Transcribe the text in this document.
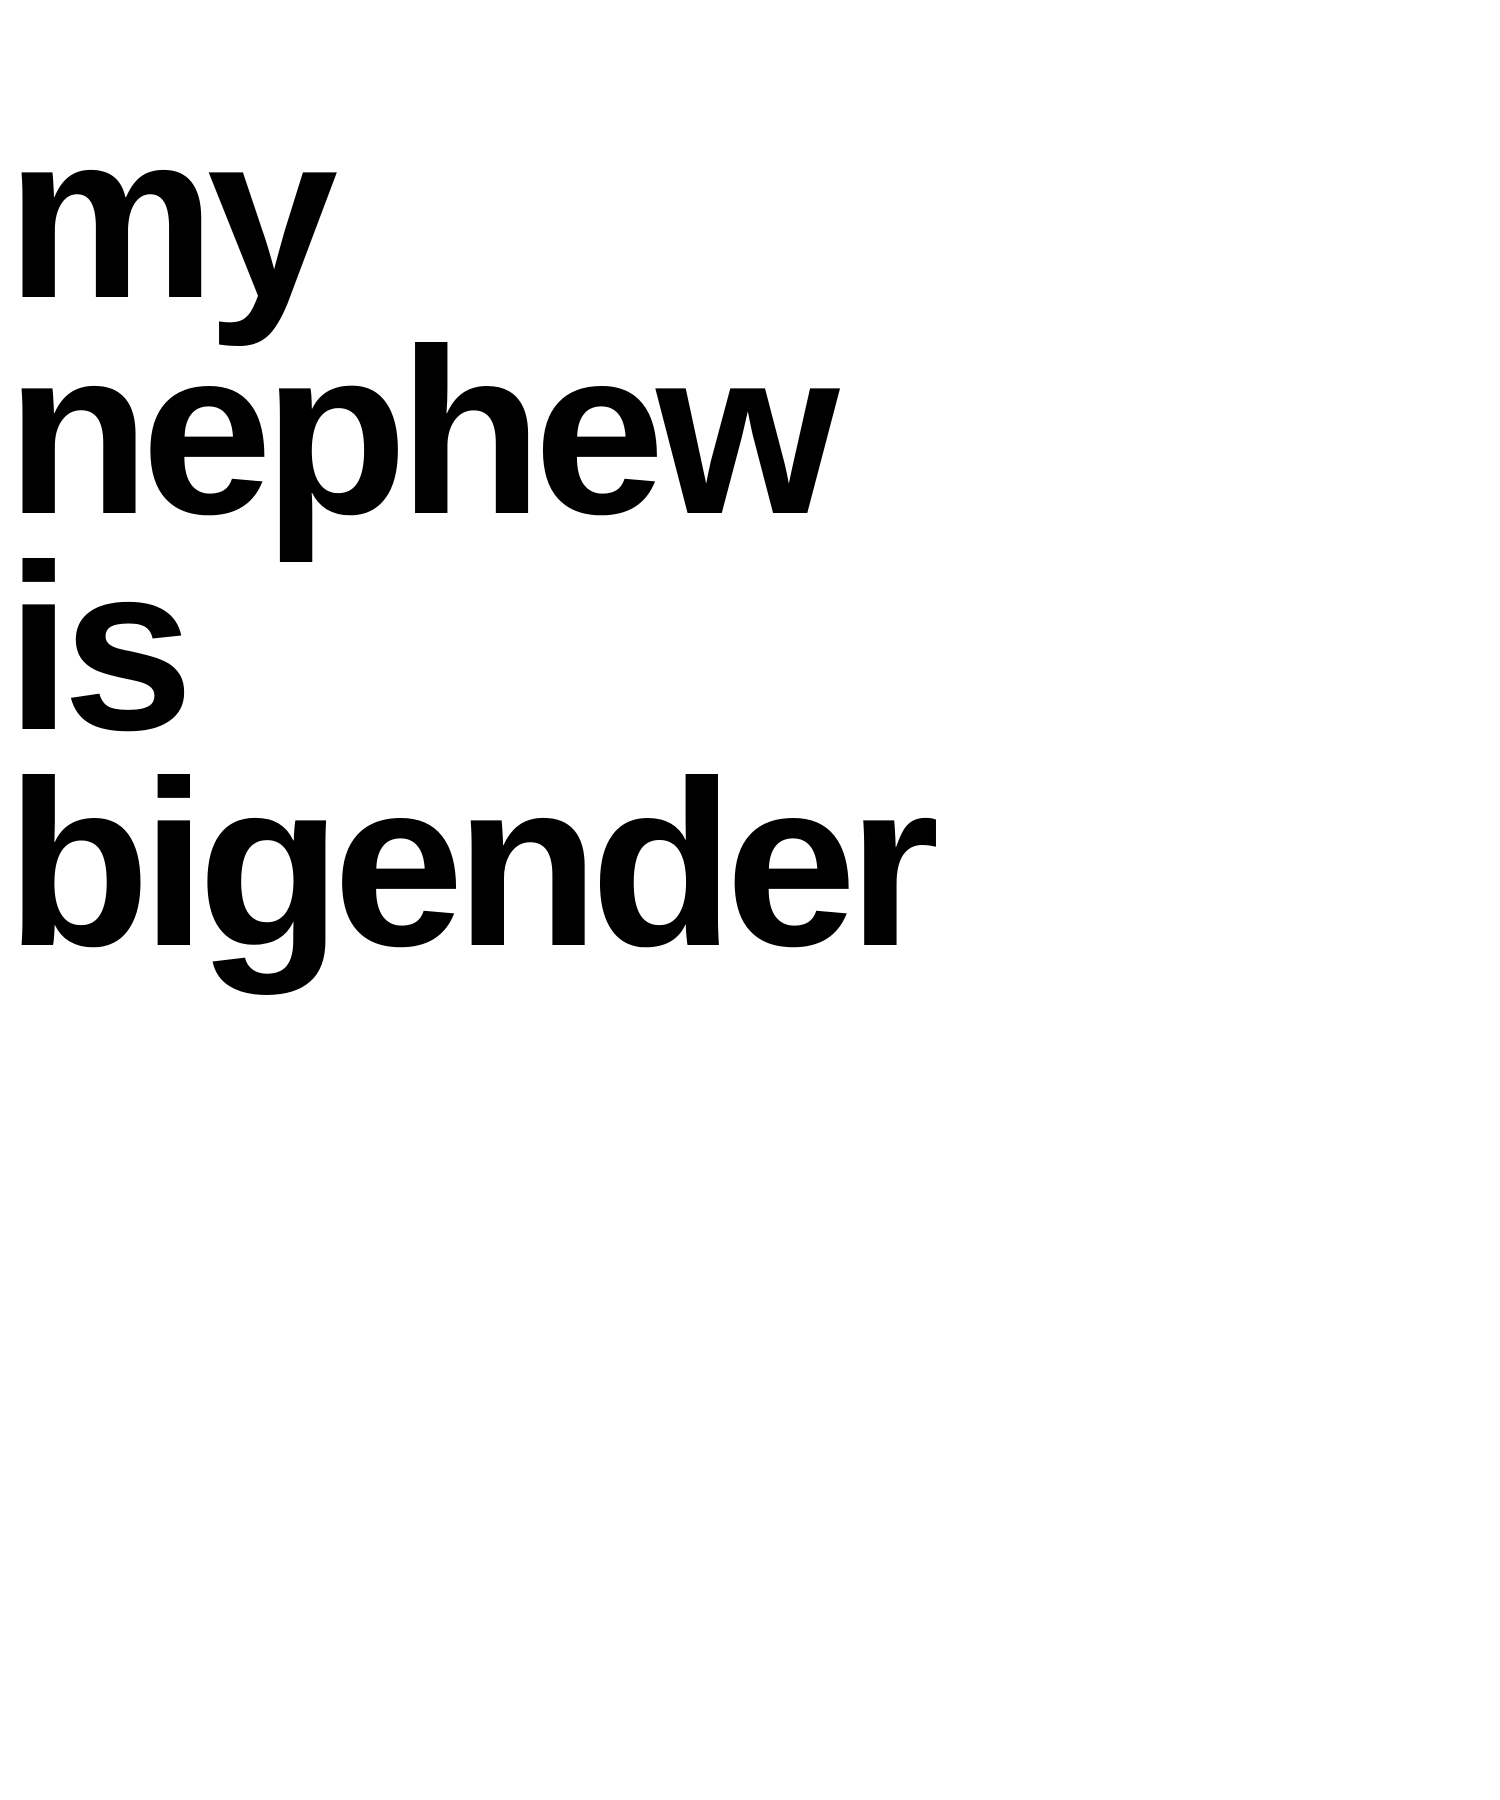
my
nephew
is
bigender
